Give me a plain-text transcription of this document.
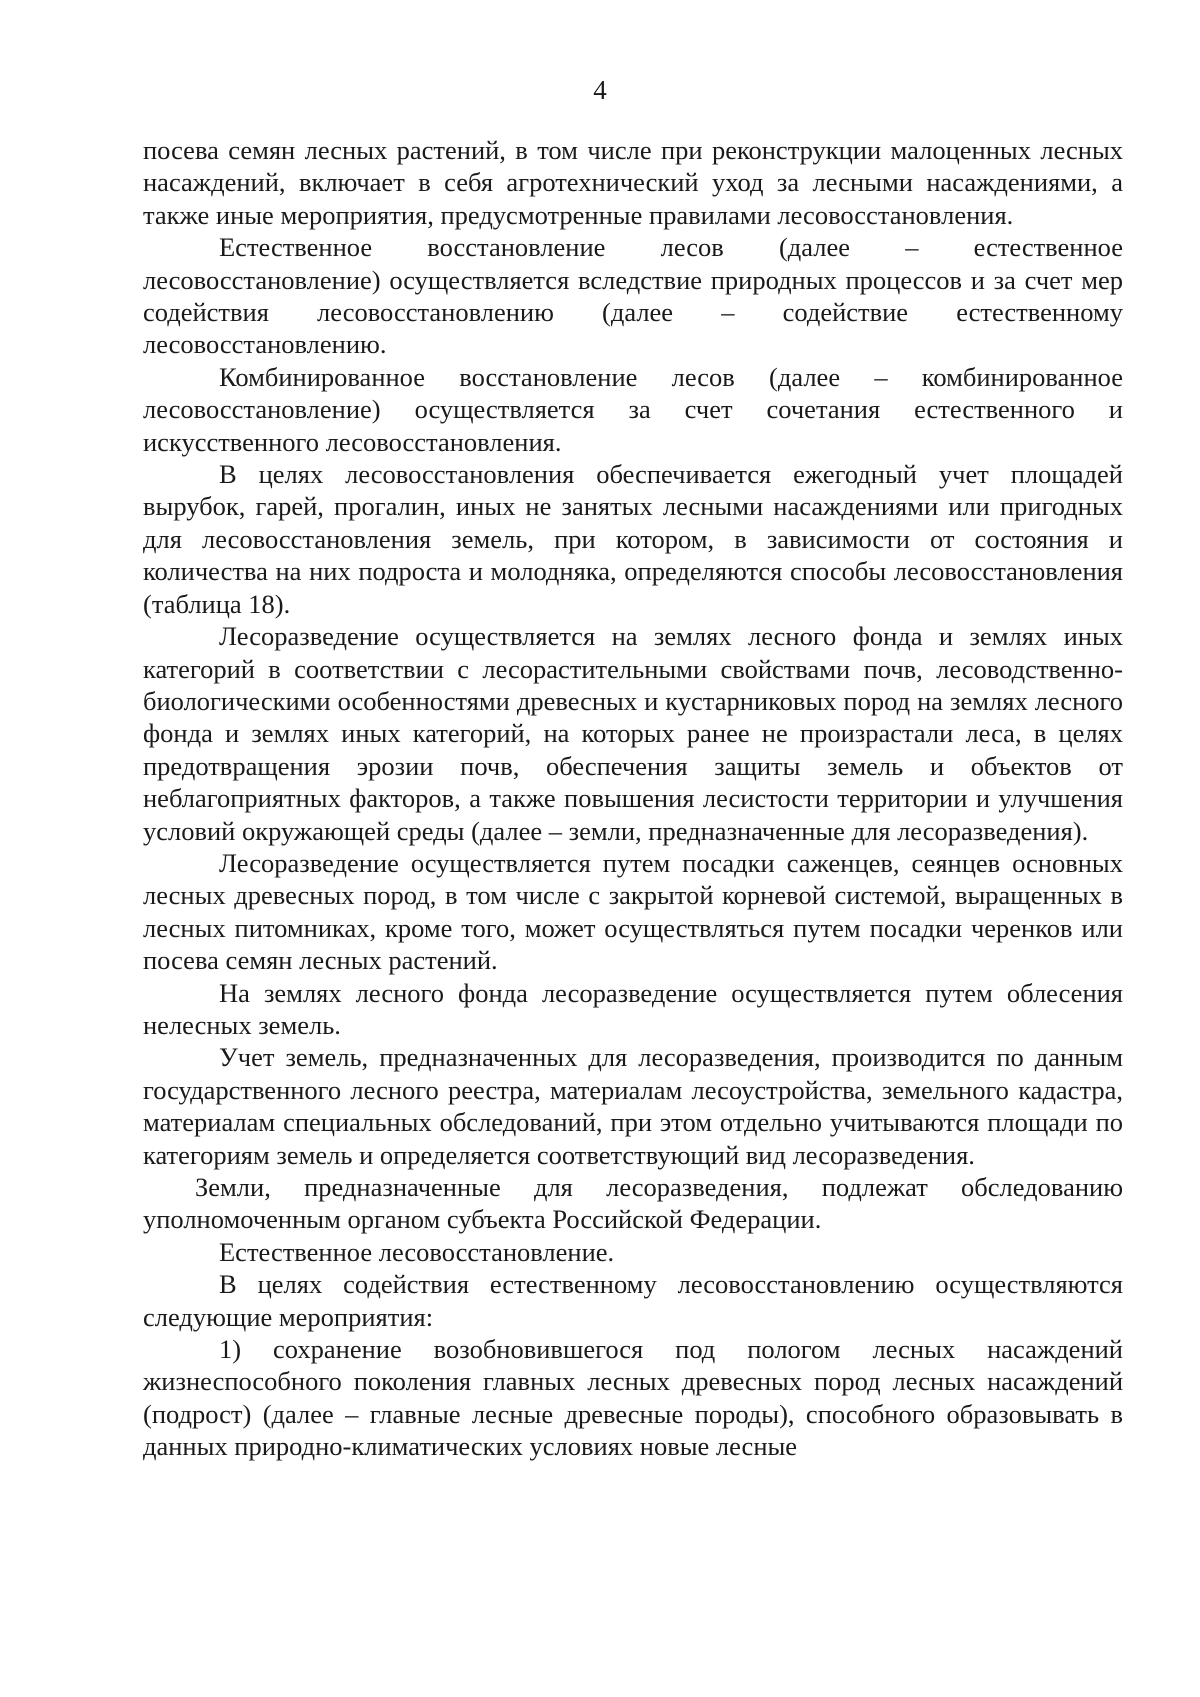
4

посева семян лесных растений, в том числе при реконструкции малоценных лесных насаждений, включает в себя агротехнический уход за лесными насаждениями, а также иные мероприятия, предусмотренные правилами лесовосстановления.

Естественное восстановление лесов (далее – естественное лесовосстановление) осуществляется вследствие природных процессов и за счет мер содействия лесовосстановлению (далее – содействие естественному лесовосстановлению.

Комбинированное восстановление лесов (далее – комбинированное лесовосстановление) осуществляется за счет сочетания естественного и искусственного лесовосстановления.

В целях лесовосстановления обеспечивается ежегодный учет площадей вырубок, гарей, прогалин, иных не занятых лесными насаждениями или пригодных для лесовосстановления земель, при котором, в зависимости от состояния и количества на них подроста и молодняка, определяются способы лесовосстановления (таблица 18).

Лесоразведение осуществляется на землях лесного фонда и землях иных категорий в соответствии с лесорастительными свойствами почв, лесоводственно-биологическими особенностями древесных и кустарниковых пород на землях лесного фонда и землях иных категорий, на которых ранее не произрастали леса, в целях предотвращения эрозии почв, обеспечения защиты земель и объектов от неблагоприятных факторов, а также повышения лесистости территории и улучшения условий окружающей среды (далее – земли, предназначенные для лесоразведения).

Лесоразведение осуществляется путем посадки саженцев, сеянцев основных лесных древесных пород, в том числе с закрытой корневой системой, выращенных в лесных питомниках, кроме того, может осуществляться путем посадки черенков или посева семян лесных растений.

На землях лесного фонда лесоразведение осуществляется путем облесения нелесных земель.

Учет земель, предназначенных для лесоразведения, производится по данным государственного лесного реестра, материалам лесоустройства, земельного кадастра, материалам специальных обследований, при этом отдельно учитываются площади по категориям земель и определяется соответствующий вид лесоразведения.

Земли, предназначенные для лесоразведения, подлежат обследованию уполномоченным органом субъекта Российской Федерации.

Естественное лесовосстановление.

В целях содействия естественному лесовосстановлению осуществляются следующие мероприятия:

1) сохранение возобновившегося под пологом лесных насаждений жизнеспособного поколения главных лесных древесных пород лесных насаждений (подрост) (далее – главные лесные древесные породы), способного образовывать в данных природно-климатических условиях новые лесные
